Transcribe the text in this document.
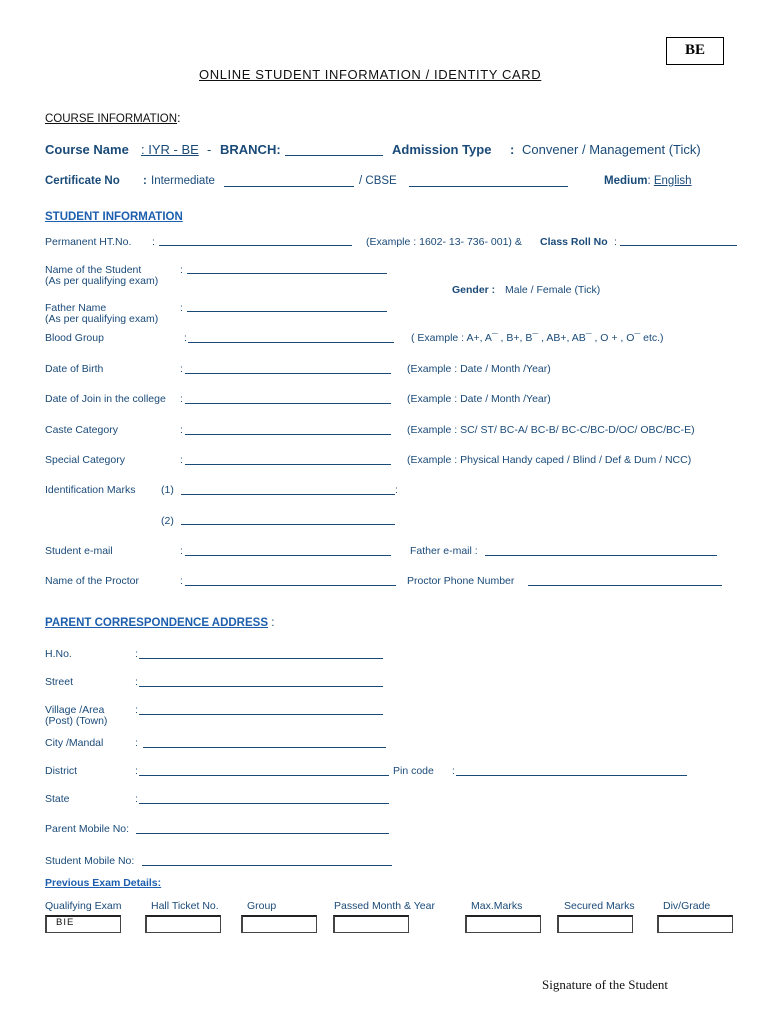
BE
ONLINE STUDENT INFORMATION / IDENTITY CARD
COURSE INFORMATION:
Course Name : IYR - BE - BRANCH:	Admission Type : Convener / Management (Tick)
Certificate No : Intermediate	/ CBSE	Medium: English
STUDENT INFORMATION
Permanent HT.No. :	(Example : 1602- 13- 736- 001) & Class Roll No :
Name of the Student
(As per qualifying exam)
:
Gender : Male / Female (Tick)
Father Name
(As per qualifying exam)
:
Blood Group	:	( Example : A+, A¯ , B+, B¯ , AB+, AB¯ , O + , O¯ etc.)
Date of Birth	:	(Example : Date / Month /Year)
Date of Join in the college :	(Example : Date / Month /Year)
Caste Category	:	(Example : SC/ ST/ BC-A/ BC-B/ BC-C/BC-D/OC/ OBC/BC-E)
Special Category	:	(Example : Physical Handy caped / Blind / Def & Dum / NCC)
Identification Marks (1)	:
(2)
Student e-mail	:	Father e-mail :
Name of the Proctor	:	Proctor Phone Number
PARENT CORRESPONDENCE ADDRESS :
H.No.	:
Street	:
Village /Area
(Post) (Town)
:
City /Mandal	:
District	:	Pin code :
State	:
Parent Mobile No:
Student Mobile No:
Previous Exam Details:
Qualifying Exam	Hall Ticket No.	Group	Passed Month & Year	Max.Marks	Secured Marks	Div/Grade
BIE
Signature of the Student
